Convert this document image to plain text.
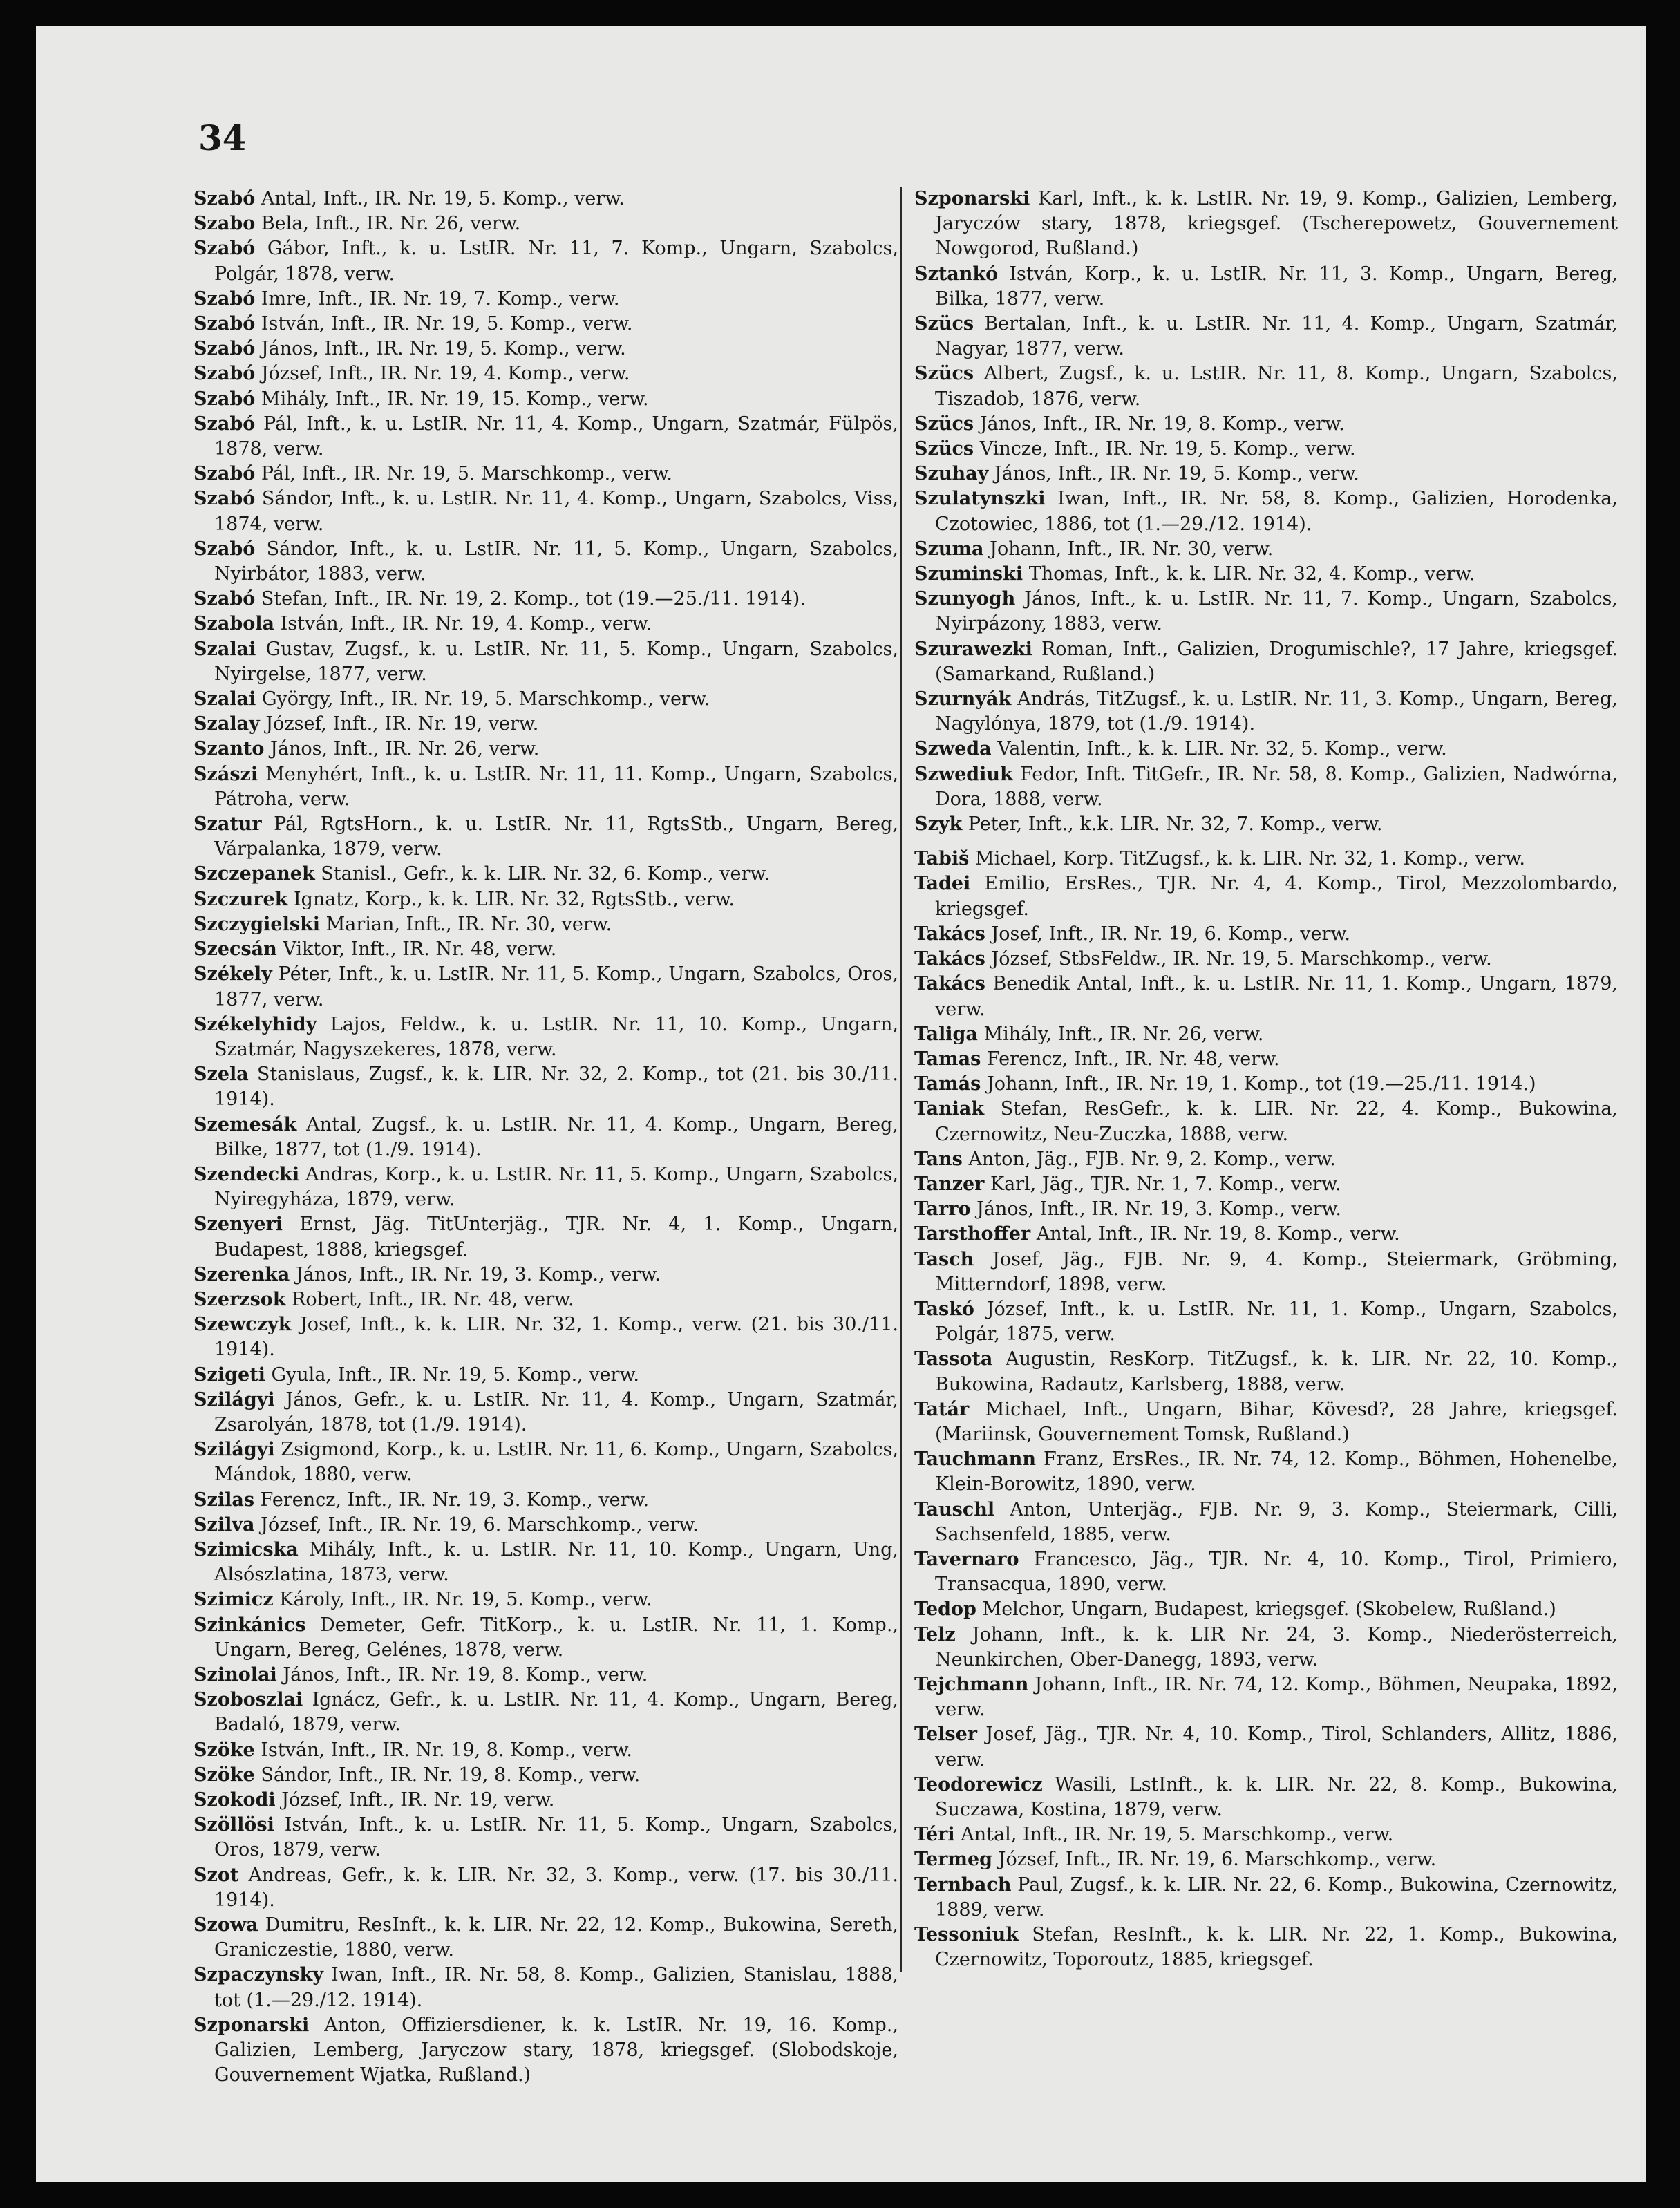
34

Szabó Antal, Inft., IR. Nr. 19, 5. Komp., verw.
Szabo Bela, Inft., IR. Nr. 26, verw.
Szabó Gábor, Inft., k. u. LstIR. Nr. 11, 7. Komp., Ungarn, Szabolcs, Polgár, 1878, verw.
Szabó Imre, Inft., IR. Nr. 19, 7. Komp., verw.
Szabó István, Inft., IR. Nr. 19, 5. Komp., verw.
Szabó János, Inft., IR. Nr. 19, 5. Komp., verw.
Szabó József, Inft., IR. Nr. 19, 4. Komp., verw.
Szabó Mihály, Inft., IR. Nr. 19, 15. Komp., verw.
Szabó Pál, Inft., k. u. LstIR. Nr. 11, 4. Komp., Ungarn, Szatmár, Fülpös, 1878, verw.
Szabó Pál, Inft., IR. Nr. 19, 5. Marschkomp., verw.
Szabó Sándor, Inft., k. u. LstIR. Nr. 11, 4. Komp., Ungarn, Szabolcs, Viss, 1874, verw.
Szabó Sándor, Inft., k. u. LstIR. Nr. 11, 5. Komp., Ungarn, Szabolcs, Nyirbátor, 1883, verw.
Szabó Stefan, Inft., IR. Nr. 19, 2. Komp., tot (19.—25./11. 1914).
Szabola István, Inft., IR. Nr. 19, 4. Komp., verw.
Szalai Gustav, Zugsf., k. u. LstIR. Nr. 11, 5. Komp., Ungarn, Szabolcs, Nyirgelse, 1877, verw.
Szalai György, Inft., IR. Nr. 19, 5. Marschkomp., verw.
Szalay József, Inft., IR. Nr. 19, verw.
Szanto János, Inft., IR. Nr. 26, verw.
Szászi Menyhért, Inft., k. u. LstIR. Nr. 11, 11. Komp., Ungarn, Szabolcs, Pátroha, verw.
Szatur Pál, RgtsHorn., k. u. LstIR. Nr. 11, RgtsStb., Ungarn, Bereg, Várpalanka, 1879, verw.
Szczepanek Stanisl., Gefr., k. k. LIR. Nr. 32, 6. Komp., verw.
Szczurek Ignatz, Korp., k. k. LIR. Nr. 32, RgtsStb., verw.
Szczygielski Marian, Inft., IR. Nr. 30, verw.
Szecsán Viktor, Inft., IR. Nr. 48, verw.
Székely Péter, Inft., k. u. LstIR. Nr. 11, 5. Komp., Ungarn, Szabolcs, Oros, 1877, verw.
Székelyhidy Lajos, Feldw., k. u. LstIR. Nr. 11, 10. Komp., Ungarn, Szatmár, Nagyszekeres, 1878, verw.
Szela Stanislaus, Zugsf., k. k. LIR. Nr. 32, 2. Komp., tot (21. bis 30./11. 1914).
Szemesák Antal, Zugsf., k. u. LstIR. Nr. 11, 4. Komp., Ungarn, Bereg, Bilke, 1877, tot (1./9. 1914).
Szendecki Andras, Korp., k. u. LstIR. Nr. 11, 5. Komp., Ungarn, Szabolcs, Nyiregyháza, 1879, verw.
Szenyeri Ernst, Jäg. TitUnterjäg., TJR. Nr. 4, 1. Komp., Ungarn, Budapest, 1888, kriegsgef.
Szerenka János, Inft., IR. Nr. 19, 3. Komp., verw.
Szerzsok Robert, Inft., IR. Nr. 48, verw.
Szewczyk Josef, Inft., k. k. LIR. Nr. 32, 1. Komp., verw. (21. bis 30./11. 1914).
Szigeti Gyula, Inft., IR. Nr. 19, 5. Komp., verw.
Szilágyi János, Gefr., k. u. LstIR. Nr. 11, 4. Komp., Ungarn, Szatmár, Zsarolyán, 1878, tot (1./9. 1914).
Szilágyi Zsigmond, Korp., k. u. LstIR. Nr. 11, 6. Komp., Ungarn, Szabolcs, Mándok, 1880, verw.
Szilas Ferencz, Inft., IR. Nr. 19, 3. Komp., verw.
Szilva József, Inft., IR. Nr. 19, 6. Marschkomp., verw.
Szimicska Mihály, Inft., k. u. LstIR. Nr. 11, 10. Komp., Ungarn, Ung, Alsószlatina, 1873, verw.
Szimicz Károly, Inft., IR. Nr. 19, 5. Komp., verw.
Szinkánics Demeter, Gefr. TitKorp., k. u. LstIR. Nr. 11, 1. Komp., Ungarn, Bereg, Gelénes, 1878, verw.
Szinolai János, Inft., IR. Nr. 19, 8. Komp., verw.
Szoboszlai Ignácz, Gefr., k. u. LstIR. Nr. 11, 4. Komp., Ungarn, Bereg, Badaló, 1879, verw.
Szöke István, Inft., IR. Nr. 19, 8. Komp., verw.
Szöke Sándor, Inft., IR. Nr. 19, 8. Komp., verw.
Szokodi József, Inft., IR. Nr. 19, verw.
Szöllösi István, Inft., k. u. LstIR. Nr. 11, 5. Komp., Ungarn, Szabolcs, Oros, 1879, verw.
Szot Andreas, Gefr., k. k. LIR. Nr. 32, 3. Komp., verw. (17. bis 30./11. 1914).
Szowa Dumitru, ResInft., k. k. LIR. Nr. 22, 12. Komp., Bukowina, Sereth, Graniczestie, 1880, verw.
Szpaczynsky Iwan, Inft., IR. Nr. 58, 8. Komp., Galizien, Stanislau, 1888, tot (1.—29./12. 1914).
Szponarski Anton, Offiziersdiener, k. k. LstIR. Nr. 19, 16. Komp., Galizien, Lemberg, Jaryczow stary, 1878, kriegsgef. (Slobodskoje, Gouvernement Wjatka, Rußland.)
Szponarski Karl, Inft., k. k. LstIR. Nr. 19, 9. Komp., Galizien, Lemberg, Jaryczów stary, 1878, kriegsgef. (Tscherepowetz, Gouvernement Nowgorod, Rußland.)
Sztankó István, Korp., k. u. LstIR. Nr. 11, 3. Komp., Ungarn, Bereg, Bilka, 1877, verw.
Szücs Bertalan, Inft., k. u. LstIR. Nr. 11, 4. Komp., Ungarn, Szatmár, Nagyar, 1877, verw.
Szücs Albert, Zugsf., k. u. LstIR. Nr. 11, 8. Komp., Ungarn, Szabolcs, Tiszadob, 1876, verw.
Szücs János, Inft., IR. Nr. 19, 8. Komp., verw.
Szücs Vincze, Inft., IR. Nr. 19, 5. Komp., verw.
Szuhay János, Inft., IR. Nr. 19, 5. Komp., verw.
Szulatynszki Iwan, Inft., IR. Nr. 58, 8. Komp., Galizien, Horodenka, Czotowiec, 1886, tot (1.—29./12. 1914).
Szuma Johann, Inft., IR. Nr. 30, verw.
Szuminski Thomas, Inft., k. k. LIR. Nr. 32, 4. Komp., verw.
Szunyogh János, Inft., k. u. LstIR. Nr. 11, 7. Komp., Ungarn, Szabolcs, Nyirpázony, 1883, verw.
Szurawezki Roman, Inft., Galizien, Drogumischle?, 17 Jahre, kriegsgef. (Samarkand, Rußland.)
Szurnyák András, TitZugsf., k. u. LstIR. Nr. 11, 3. Komp., Ungarn, Bereg, Nagylónya, 1879, tot (1./9. 1914).
Szweda Valentin, Inft., k. k. LIR. Nr. 32, 5. Komp., verw.
Szwediuk Fedor, Inft. TitGefr., IR. Nr. 58, 8. Komp., Galizien, Nadwórna, Dora, 1888, verw.
Szyk Peter, Inft., k.k. LIR. Nr. 32, 7. Komp., verw.
Tabiš Michael, Korp. TitZugsf., k. k. LIR. Nr. 32, 1. Komp., verw.
Tadei Emilio, ErsRes., TJR. Nr. 4, 4. Komp., Tirol, Mezzolombardo, kriegsgef.
Takács Josef, Inft., IR. Nr. 19, 6. Komp., verw.
Takács József, StbsFeldw., IR. Nr. 19, 5. Marschkomp., verw.
Takács Benedik Antal, Inft., k. u. LstIR. Nr. 11, 1. Komp., Ungarn, 1879, verw.
Taliga Mihály, Inft., IR. Nr. 26, verw.
Tamas Ferencz, Inft., IR. Nr. 48, verw.
Tamás Johann, Inft., IR. Nr. 19, 1. Komp., tot (19.—25./11. 1914.)
Taniak Stefan, ResGefr., k. k. LIR. Nr. 22, 4. Komp., Bukowina, Czernowitz, Neu-Zuczka, 1888, verw.
Tans Anton, Jäg., FJB. Nr. 9, 2. Komp., verw.
Tanzer Karl, Jäg., TJR. Nr. 1, 7. Komp., verw.
Tarro János, Inft., IR. Nr. 19, 3. Komp., verw.
Tarsthoffer Antal, Inft., IR. Nr. 19, 8. Komp., verw.
Tasch Josef, Jäg., FJB. Nr. 9, 4. Komp., Steiermark, Gröbming, Mitterndorf, 1898, verw.
Taskó József, Inft., k. u. LstIR. Nr. 11, 1. Komp., Ungarn, Szabolcs, Polgár, 1875, verw.
Tassota Augustin, ResKorp. TitZugsf., k. k. LIR. Nr. 22, 10. Komp., Bukowina, Radautz, Karlsberg, 1888, verw.
Tatár Michael, Inft., Ungarn, Bihar, Kövesd?, 28 Jahre, kriegsgef. (Mariinsk, Gouvernement Tomsk, Rußland.)
Tauchmann Franz, ErsRes., IR. Nr. 74, 12. Komp., Böhmen, Hohenelbe, Klein-Borowitz, 1890, verw.
Tauschl Anton, Unterjäg., FJB. Nr. 9, 3. Komp., Steiermark, Cilli, Sachsenfeld, 1885, verw.
Tavernaro Francesco, Jäg., TJR. Nr. 4, 10. Komp., Tirol, Primiero, Transacqua, 1890, verw.
Tedop Melchor, Ungarn, Budapest, kriegsgef. (Skobelew, Rußland.)
Telz Johann, Inft., k. k. LIR Nr. 24, 3. Komp., Niederösterreich, Neunkirchen, Ober-Danegg, 1893, verw.
Tejchmann Johann, Inft., IR. Nr. 74, 12. Komp., Böhmen, Neupaka, 1892, verw.
Telser Josef, Jäg., TJR. Nr. 4, 10. Komp., Tirol, Schlanders, Allitz, 1886, verw.
Teodorewicz Wasili, LstInft., k. k. LIR. Nr. 22, 8. Komp., Bukowina, Suczawa, Kostina, 1879, verw.
Téri Antal, Inft., IR. Nr. 19, 5. Marschkomp., verw.
Termeg József, Inft., IR. Nr. 19, 6. Marschkomp., verw.
Ternbach Paul, Zugsf., k. k. LIR. Nr. 22, 6. Komp., Bukowina, Czernowitz, 1889, verw.
Tessoniuk Stefan, ResInft., k. k. LIR. Nr. 22, 1. Komp., Bukowina, Czernowitz, Toporoutz, 1885, kriegsgef.
